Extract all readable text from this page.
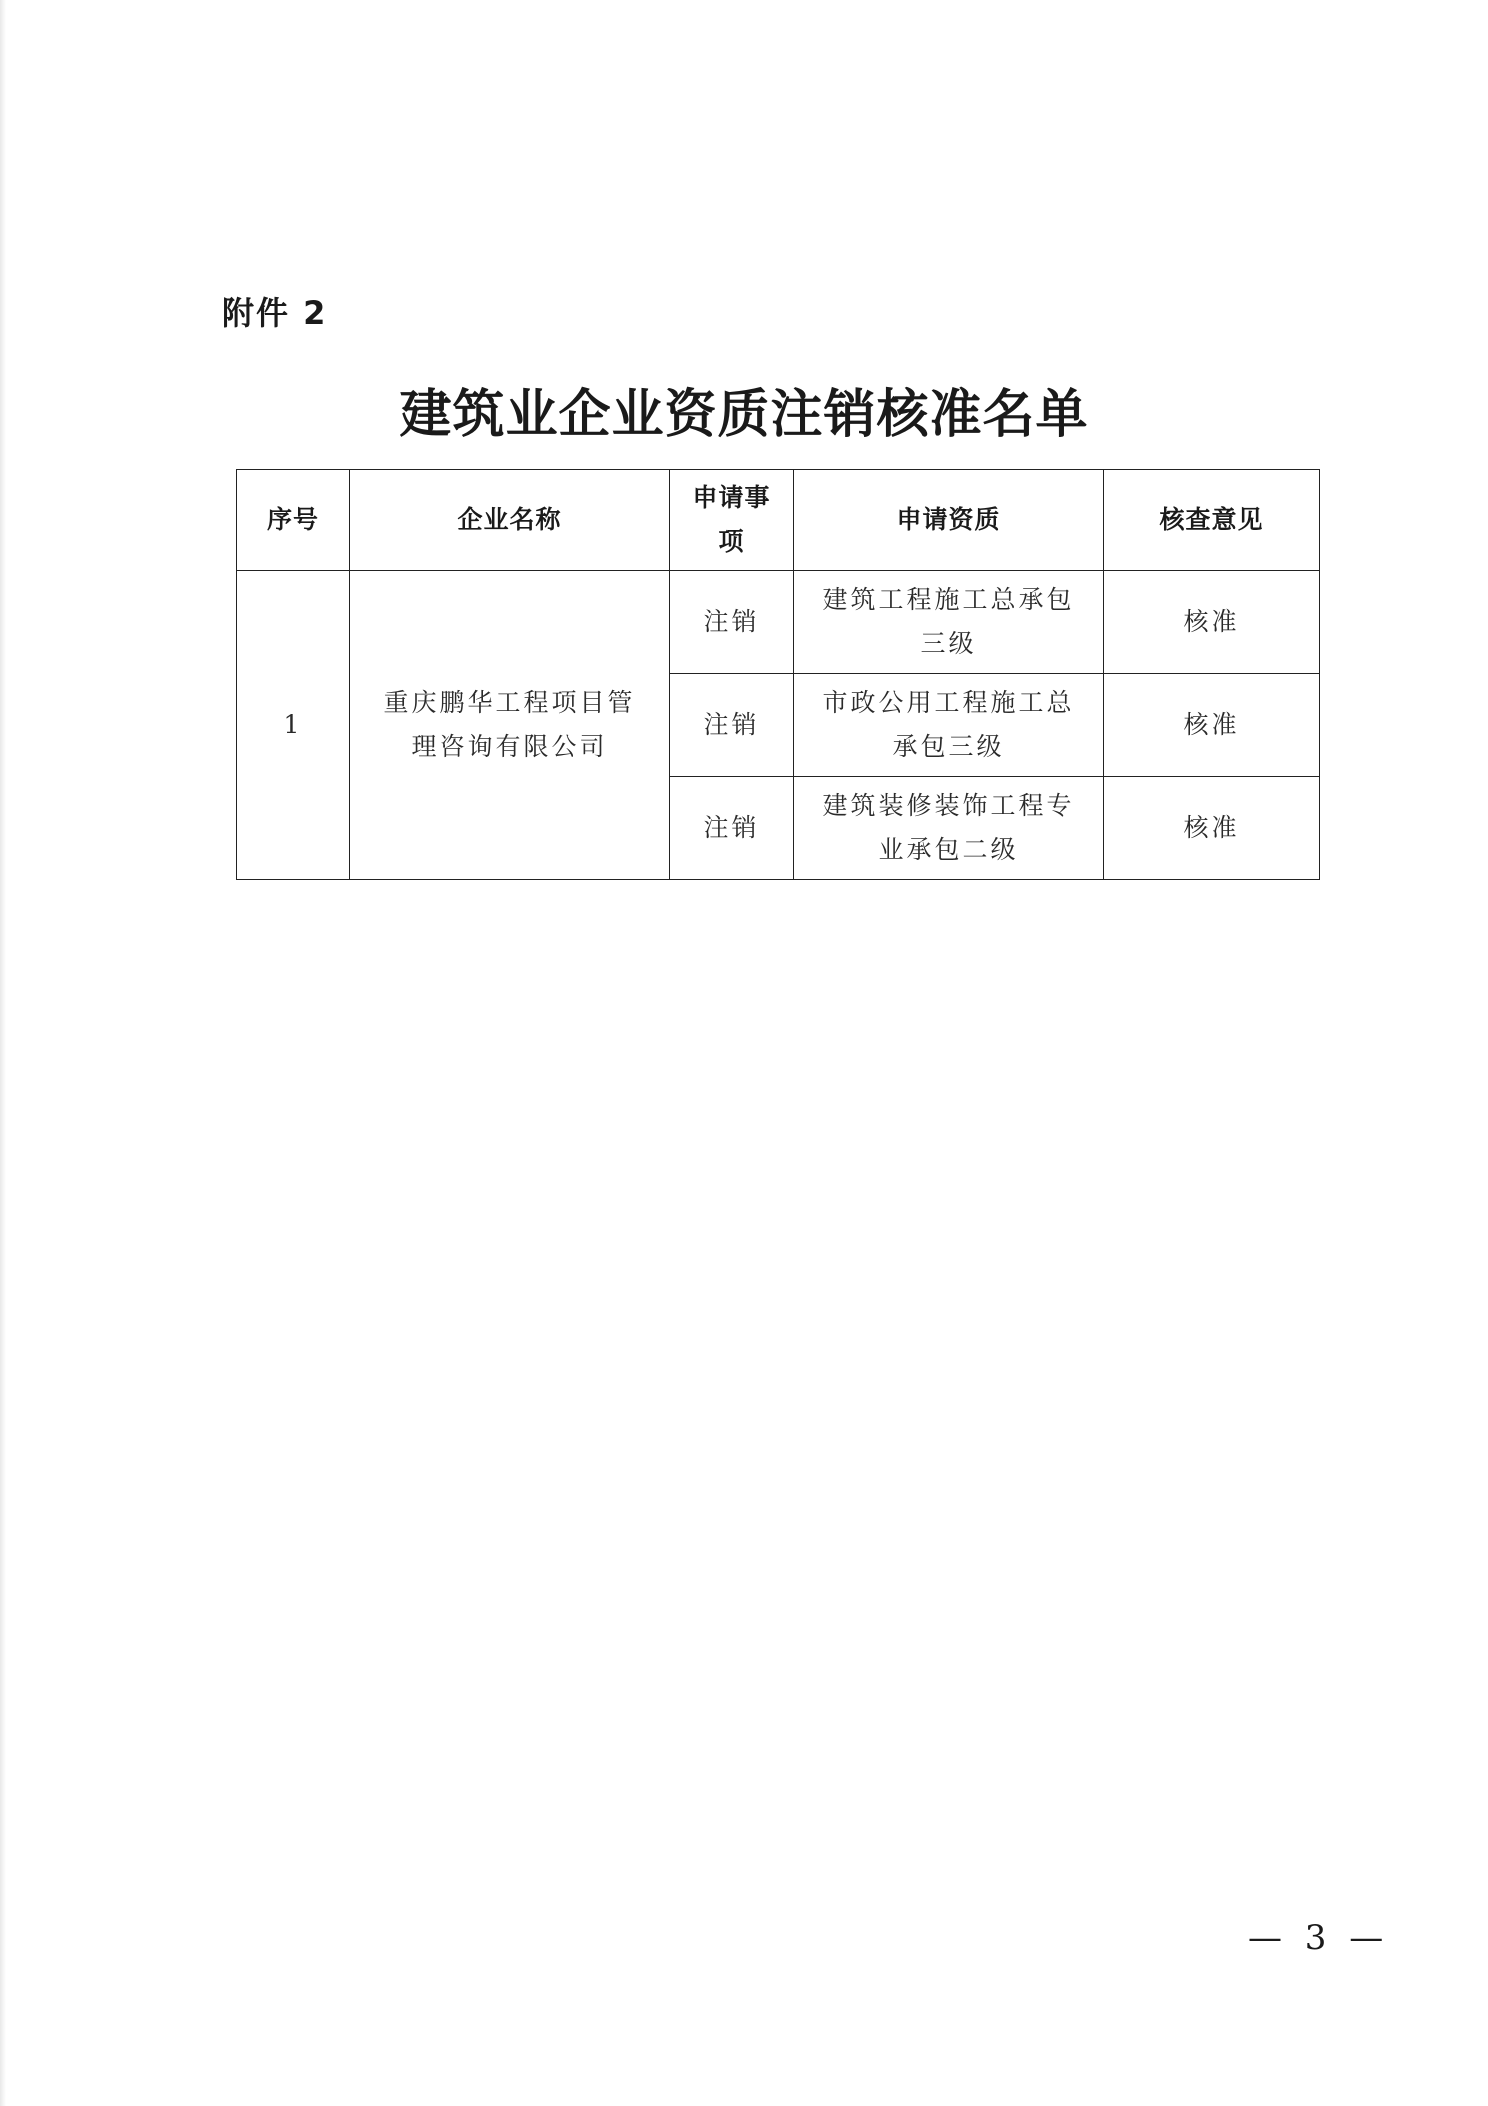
附件 2
建筑业企业资质注销核准名单
序号	企业名称	申请事项	申请资质	核查意见
1	重庆鹏华工程项目管理咨询有限公司	注销	建筑工程施工总承包三级	核准
		注销	市政公用工程施工总承包三级	核准
		注销	建筑装修装饰工程专业承包二级	核准
— 3 —
